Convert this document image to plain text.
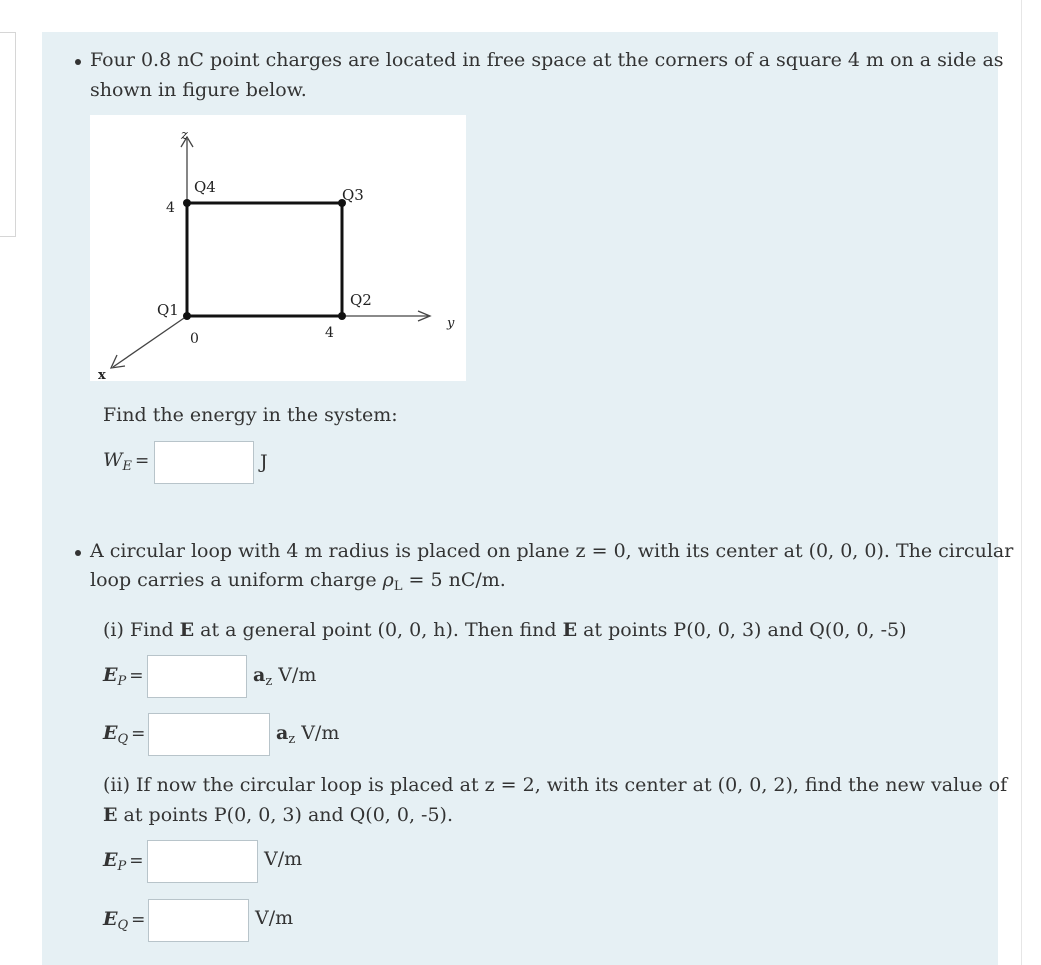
Four 0.8 nC point charges are located in free space at the corners of a square 4 m on a side as
shown in figure below.
z
y
x
Q1
Q2
Q3
Q4
4
0	4
Find the energy in the system:
$W_E$ =	J
A circular loop with 4 m radius is placed on plane z = 0, with its center at (0, 0, 0). The circular
loop carries a uniform charge $\rho_L = 5$ nC/m.
(i) Find E at a general point (0, 0, h). Then find E at points P(0, 0, 3) and Q(0, 0, -5)
$E_P$ =	$a_z$ V/m
$E_Q$ =	$a_z$ V/m
(ii) If now the circular loop is placed at z = 2, with its center at (0, 0, 2), find the new value of
E at points P(0, 0, 3) and Q(0, 0, -5).
$E_P$ =	V/m
$E_Q$ =	V/m
